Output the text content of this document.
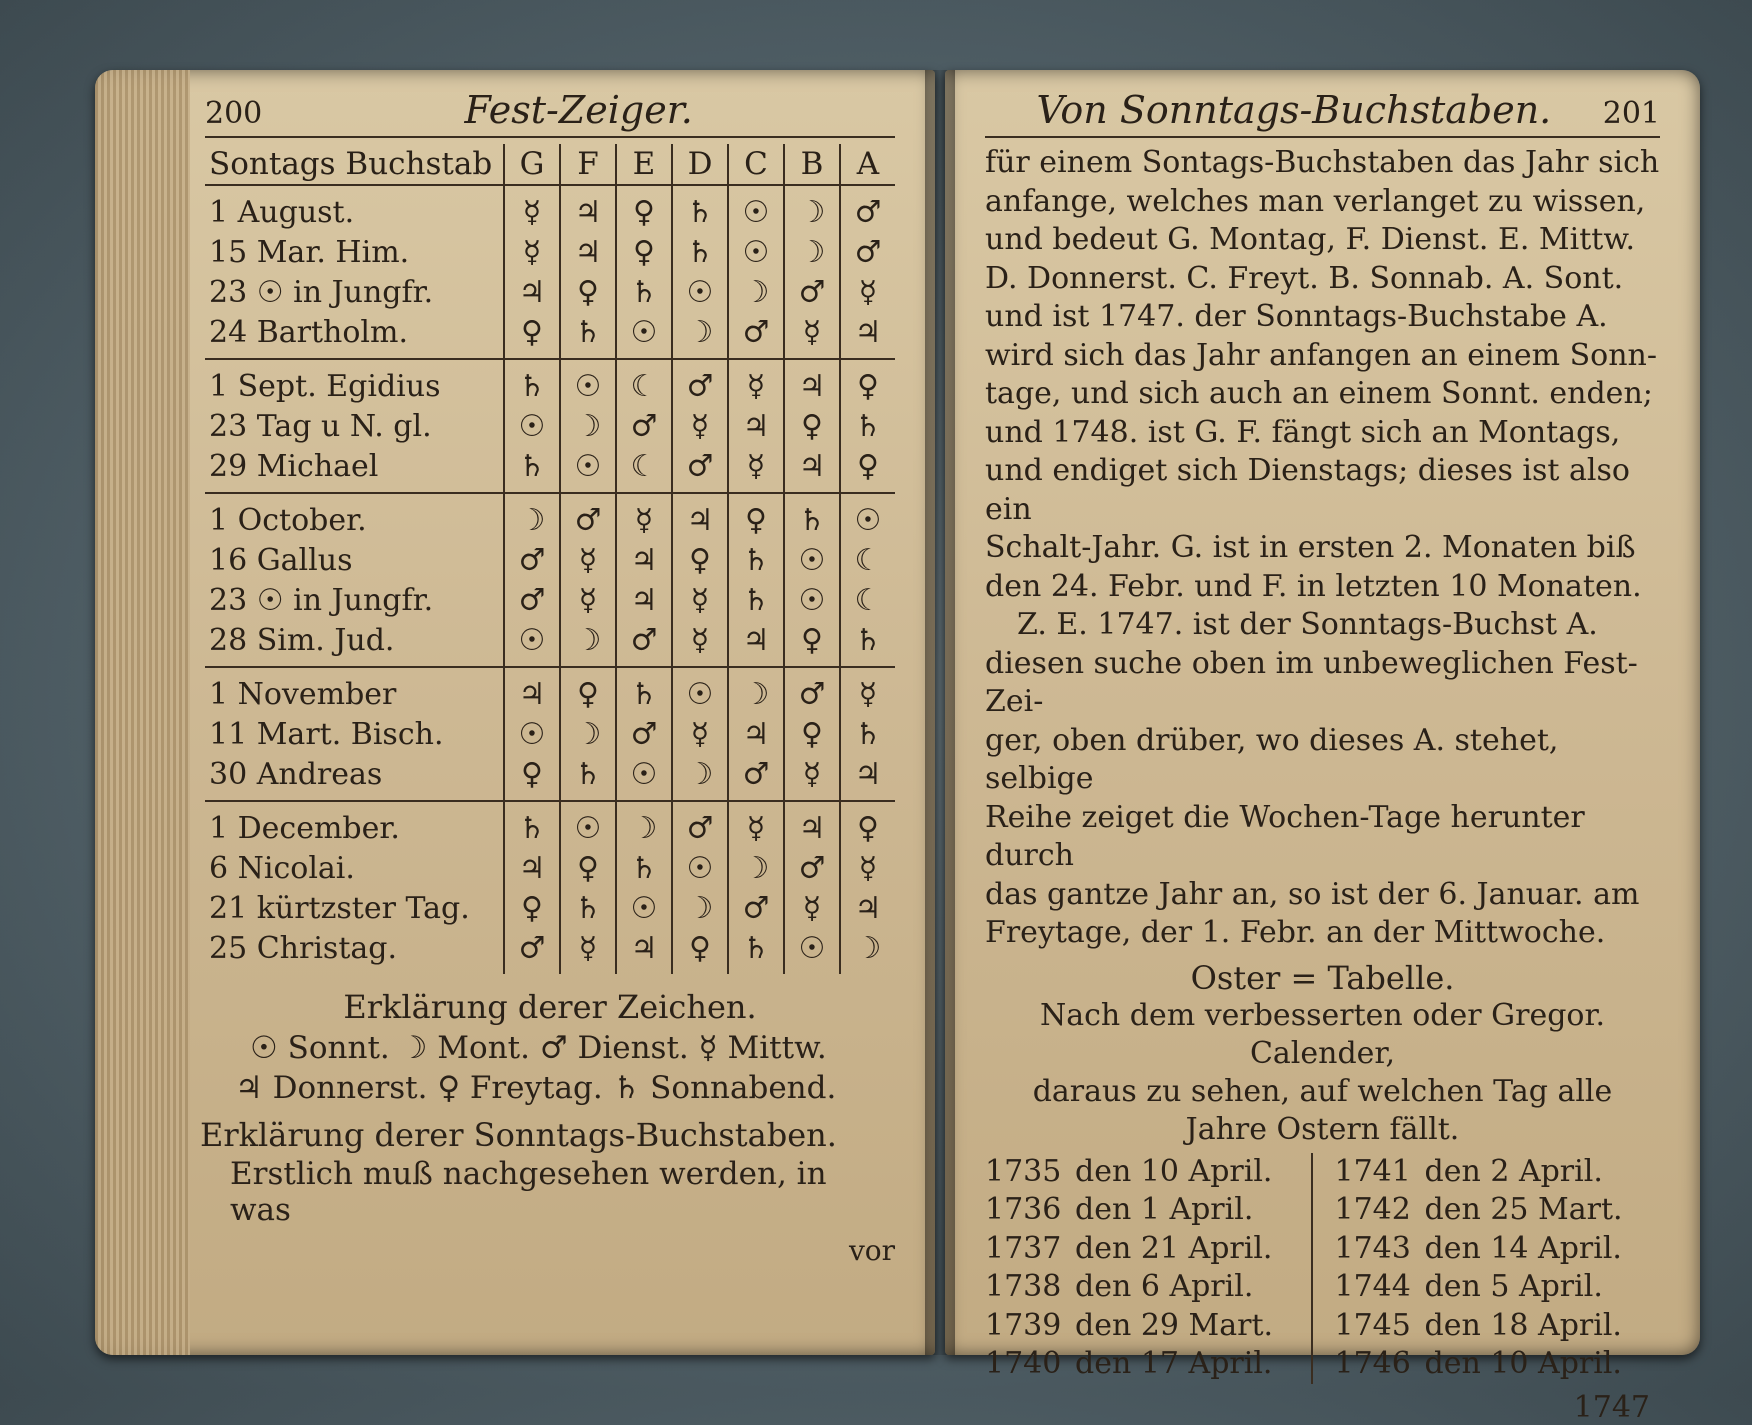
200	Fest-Zeiger.
Sontags Buchstab	G	F	E	D	C	B	A
1 August.	☿	♃	♀	♄	☉	☽	♂
15 Mar. Him.	☿	♃	♀	♄	☉	☽	♂
23 ☉ in Jungfr.	♃	♀	♄	☉	☽	♂	☿
24 Bartholm.	♀	♄	☉	☽	♂	☿	♃
1 Sept. Egidius	♄	☉	☾	♂	☿	♃	♀
23 Tag u N. gl.	☉	☽	♂	☿	♃	♀	♄
29 Michael	♄	☉	☾	♂	☿	♃	♀
1 October.	☽	♂	☿	♃	♀	♄	☉
16 Gallus	♂	☿	♃	♀	♄	☉	☾
23 ☉ in Jungfr.	♂	☿	♃	☿	♄	☉	☾
28 Sim. Jud.	☉	☽	♂	☿	♃	♀	♄
1 November	♃	♀	♄	☉	☽	♂	☿
11 Mart. Bisch.	☉	☽	♂	☿	♃	♀	♄
30 Andreas	♀	♄	☉	☽	♂	☿	♃
1 December.	♄	☉	☽	♂	☿	♃	♀
6 Nicolai.	♃	♀	♄	☉	☽	♂	☿
21 kürtzster Tag.	♀	♄	☉	☽	♂	☿	♃
25 Christag.	♂	☿	♃	♀	♄	☉	☽
Erklärung derer Zeichen.
☉ Sonnt. ☽ Mont. ♂ Dienst. ☿ Mittw.
♃ Donnerst. ♀ Freytag. ♄ Sonnabend.
Erklärung derer Sonntags-Buchstaben.
Erstlich muß nachgesehen werden, in was
vor
Von Sonntags-Buchstaben.	201
für einem Sontags-Buchstaben das Jahr sich
anfange, welches man verlanget zu wissen,
und bedeut G. Montag, F. Dienst. E. Mittw.
D. Donnerst. C. Freyt. B. Sonnab. A. Sont.
und ist 1747. der Sonntags-Buchstabe A.
wird sich das Jahr anfangen an einem Sonn-
tage, und sich auch an einem Sonnt. enden;
und 1748. ist G. F. fängt sich an Montags,
und endiget sich Dienstags; dieses ist also ein
Schalt-Jahr. G. ist in ersten 2. Monaten biß
den 24. Febr. und F. in letzten 10 Monaten.
Z. E. 1747. ist der Sonntags-Buchst A.
diesen suche oben im unbeweglichen Fest-Zei-
ger, oben drüber, wo dieses A. stehet, selbige
Reihe zeiget die Wochen-Tage herunter durch
das gantze Jahr an, so ist der 6. Januar. am
Freytage, der 1. Febr. an der Mittwoche.
Oster = Tabelle.
Nach dem verbesserten oder Gregor. Calender,
daraus zu sehen, auf welchen Tag alle
Jahre Ostern fällt.
1735 den 10 April.
1736 den 1 April.
1737 den 21 April.
1738 den 6 April.
1739 den 29 Mart.
1740 den 17 April.
1741 den 2 April.
1742 den 25 Mart.
1743 den 14 April.
1744 den 5 April.
1745 den 18 April.
1746 den 10 April.
1747
